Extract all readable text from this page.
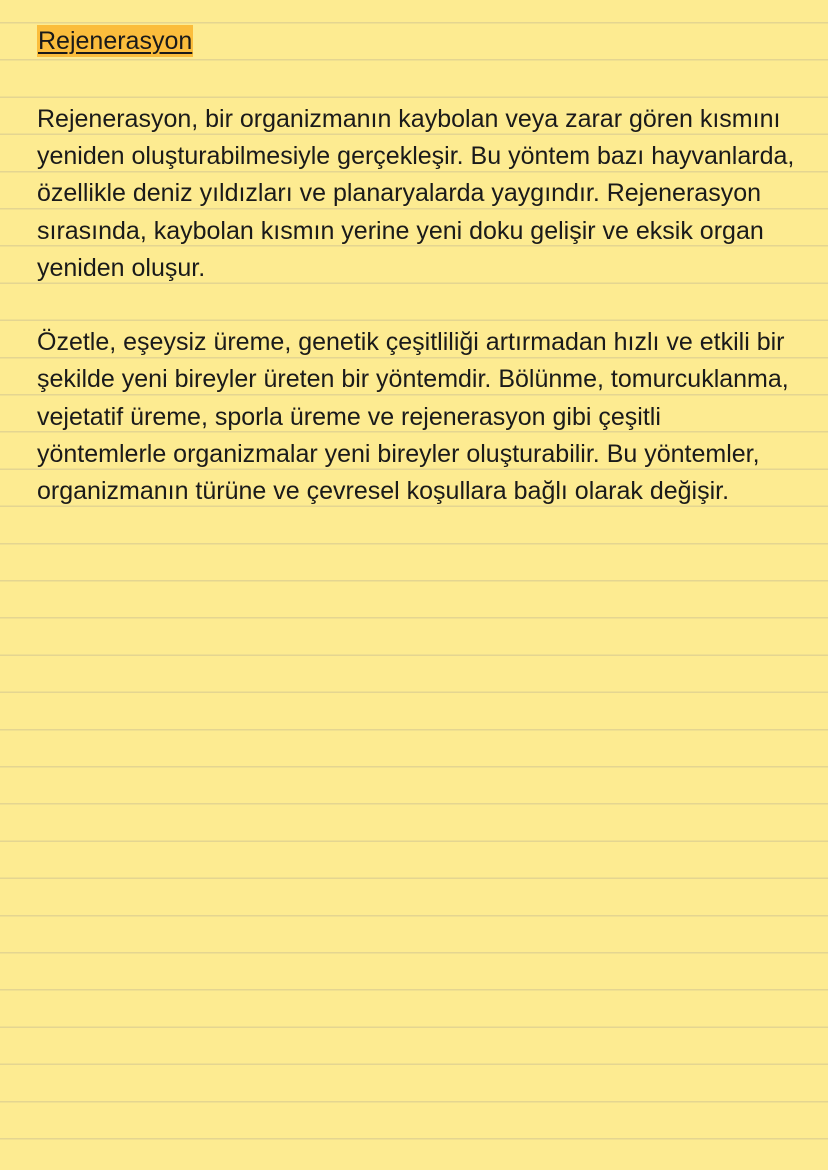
Rejenerasyon

Rejenerasyon, bir organizmanın kaybolan veya zarar gören kısmını yeniden oluşturabilmesiyle gerçekleşir. Bu yöntem bazı hayvanlarda, özellikle deniz yıldızları ve planaryalarda yaygındır. Rejenerasyon sırasında, kaybolan kısmın yerine yeni doku gelişir ve eksik organ yeniden oluşur.

Özetle, eşeysiz üreme, genetik çeşitliliği artırmadan hızlı ve etkili bir şekilde yeni bireyler üreten bir yöntemdir. Bölünme, tomurcuklanma, vejetatif üreme, sporla üreme ve rejenerasyon gibi çeşitli yöntemlerle organizmalar yeni bireyler oluşturabilir. Bu yöntemler, organizmanın türüne ve çevresel koşullara bağlı olarak değişir.
